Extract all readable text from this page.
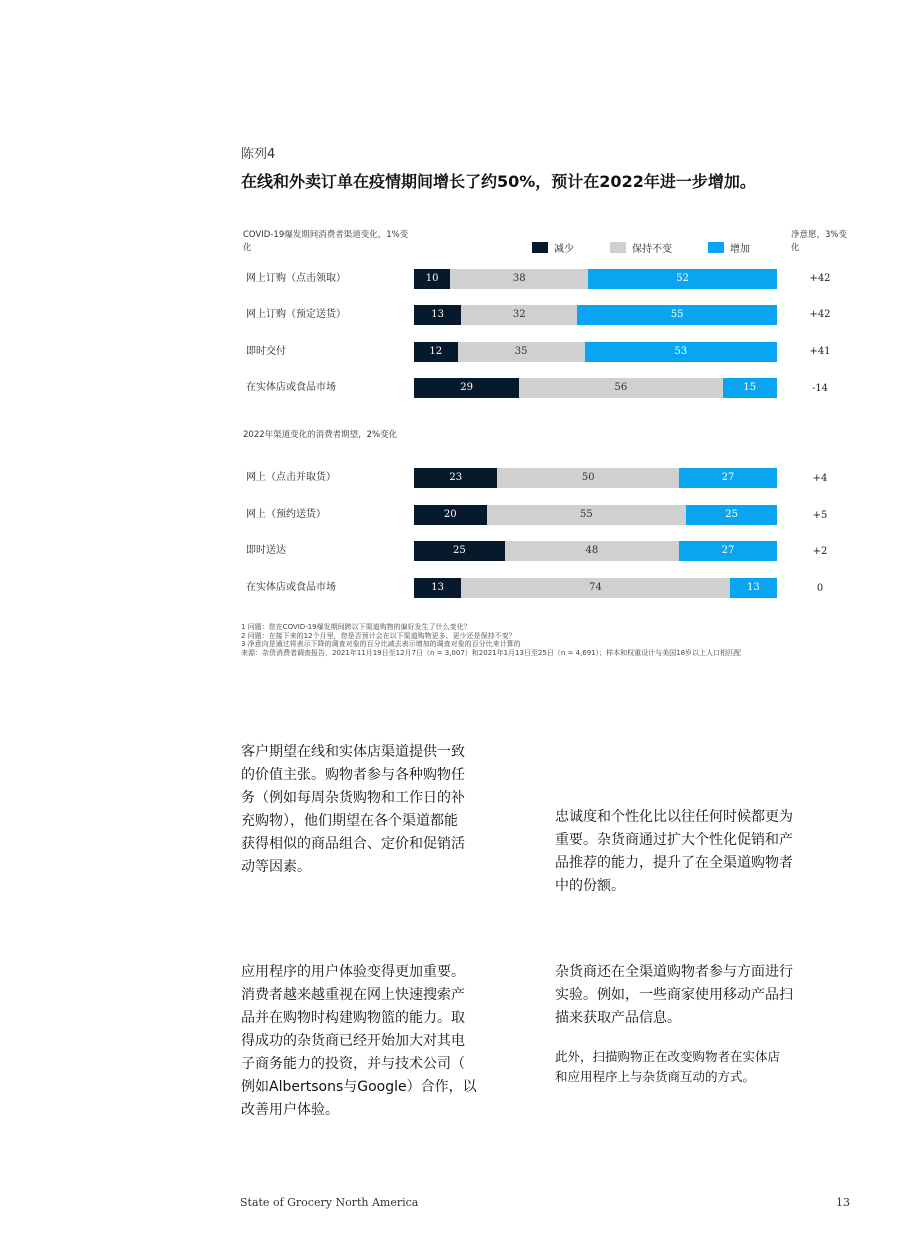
陈列4
在线和外卖订单在疫情期间增长了约50%，预计在2022年进一步增加。
COVID-19爆发期间消费者渠道变化，1%变化
净意愿，3%变化
减少	保持不变	增加
网上订购（点击领取）	10	38	52	+42
网上订购（预定送货）	13	32	55	+42
即时交付	12	35	53	+41
在实体店或食品市场	29	56	15	-14
2022年渠道变化的消费者期望，2%变化
网上（点击并取货）	23	50	27	+4
网上（预约送货）	20	55	25	+5
即时送达	25	48	27	+2
在实体店或食品市场	13	74	13	0
1 问题：您在COVID-19爆发期间跨以下渠道购物的偏好发生了什么变化？
2 问题：在接下来的12个月里，您是否预计会在以下渠道购物更多、更少还是保持不变？
3 净意向是通过将表示下降的调查对象的百分比减去表示增加的调查对象的百分比来计算的
来源：杂货消费者调查报告，2021年11月19日至12月7日（n = 3,007）和2021年1月13日至25日（n = 4,691）；样本和权重设计与美国18岁以上人口相匹配
客户期望在线和实体店渠道提供一致
的价值主张。购物者参与各种购物任
务（例如每周杂货购物和工作日的补
充购物），他们期望在各个渠道都能
获得相似的商品组合、定价和促销活
动等因素。
忠诚度和个性化比以往任何时候都更为
重要。杂货商通过扩大个性化促销和产
品推荐的能力，提升了在全渠道购物者
中的份额。
应用程序的用户体验变得更加重要。
消费者越来越重视在网上快速搜索产
品并在购物时构建购物篮的能力。取
得成功的杂货商已经开始加大对其电
子商务能力的投资，并与技术公司（
例如Albertsons与Google）合作，以
改善用户体验。
杂货商还在全渠道购物者参与方面进行
实验。例如，一些商家使用移动产品扫
描来获取产品信息。
此外，扫描购物正在改变购物者在实体店
和应用程序上与杂货商互动的方式。
State of Grocery North America	13
